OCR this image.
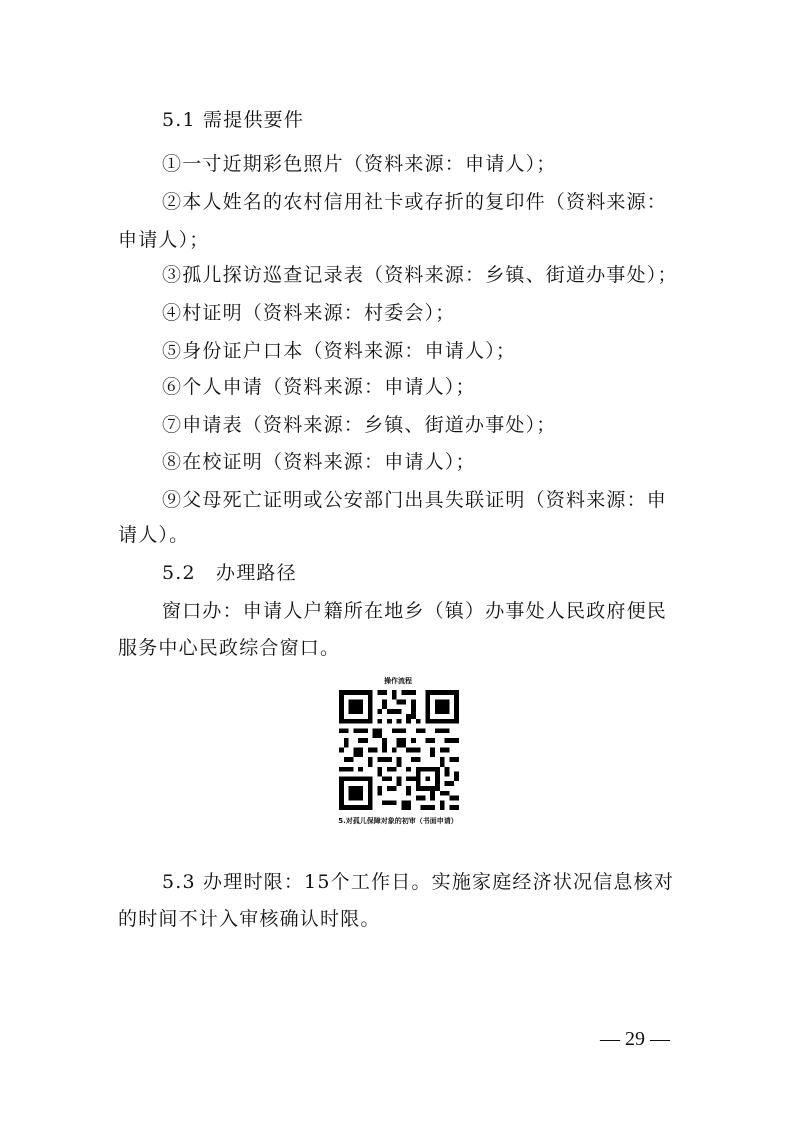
5.1 需提供要件
①一寸近期彩色照片（资料来源：申请人）；
②本人姓名的农村信用社卡或存折的复印件（资料来源：
申请人）；
③孤儿探访巡查记录表（资料来源：乡镇、街道办事处）；
④村证明（资料来源：村委会）；
⑤身份证户口本（资料来源：申请人）；
⑥个人申请（资料来源：申请人）；
⑦申请表（资料来源：乡镇、街道办事处）；
⑧在校证明（资料来源：申请人）；
⑨父母死亡证明或公安部门出具失联证明（资料来源：申
请人）。
5.2　办理路径
窗口办：申请人户籍所在地乡（镇）办事处人民政府便民
服务中心民政综合窗口。
操作流程
5.对孤儿保障对象的初审（书面申请）
5.3 办理时限：15个工作日。实施家庭经济状况信息核对
的时间不计入审核确认时限。
— 29 —
